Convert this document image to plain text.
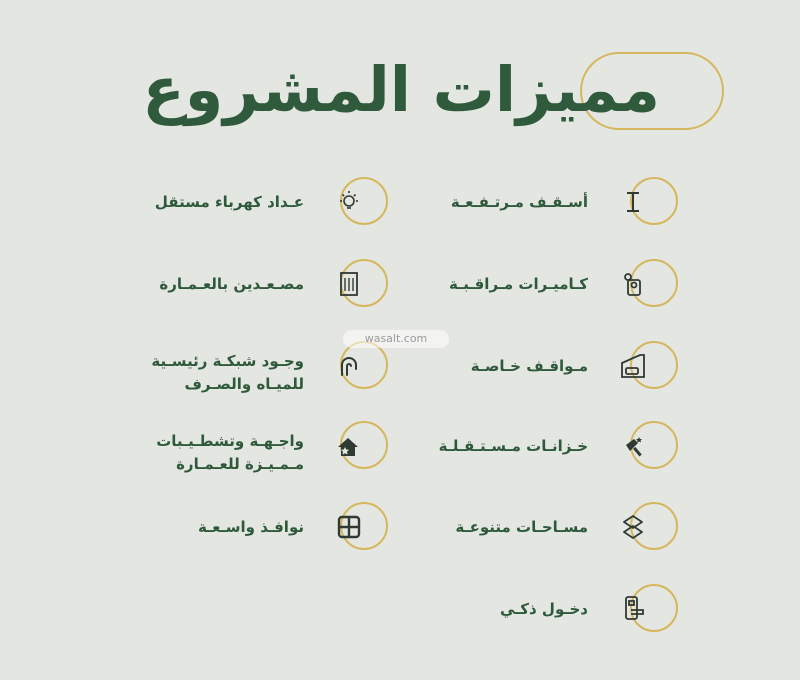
مميزات المشروع
أسـقـف مـرتـفـعـة
كـاميـرات مـراقـبـة
مـواقـف خـاصـة
خـزانـات مـسـتـقـلـة
مسـاحـات متنوعـة
دخـول ذكـي
عـداد كهرباء مستقل
مصـعـدين بالعـمـارة
وجـود شبكـة رئيسـية
للميـاه والصـرف
واجـهـة وتشطـيـبات
مـمـيـزة للعـمـارة
نوافـذ واسـعـة
wasalt.com
